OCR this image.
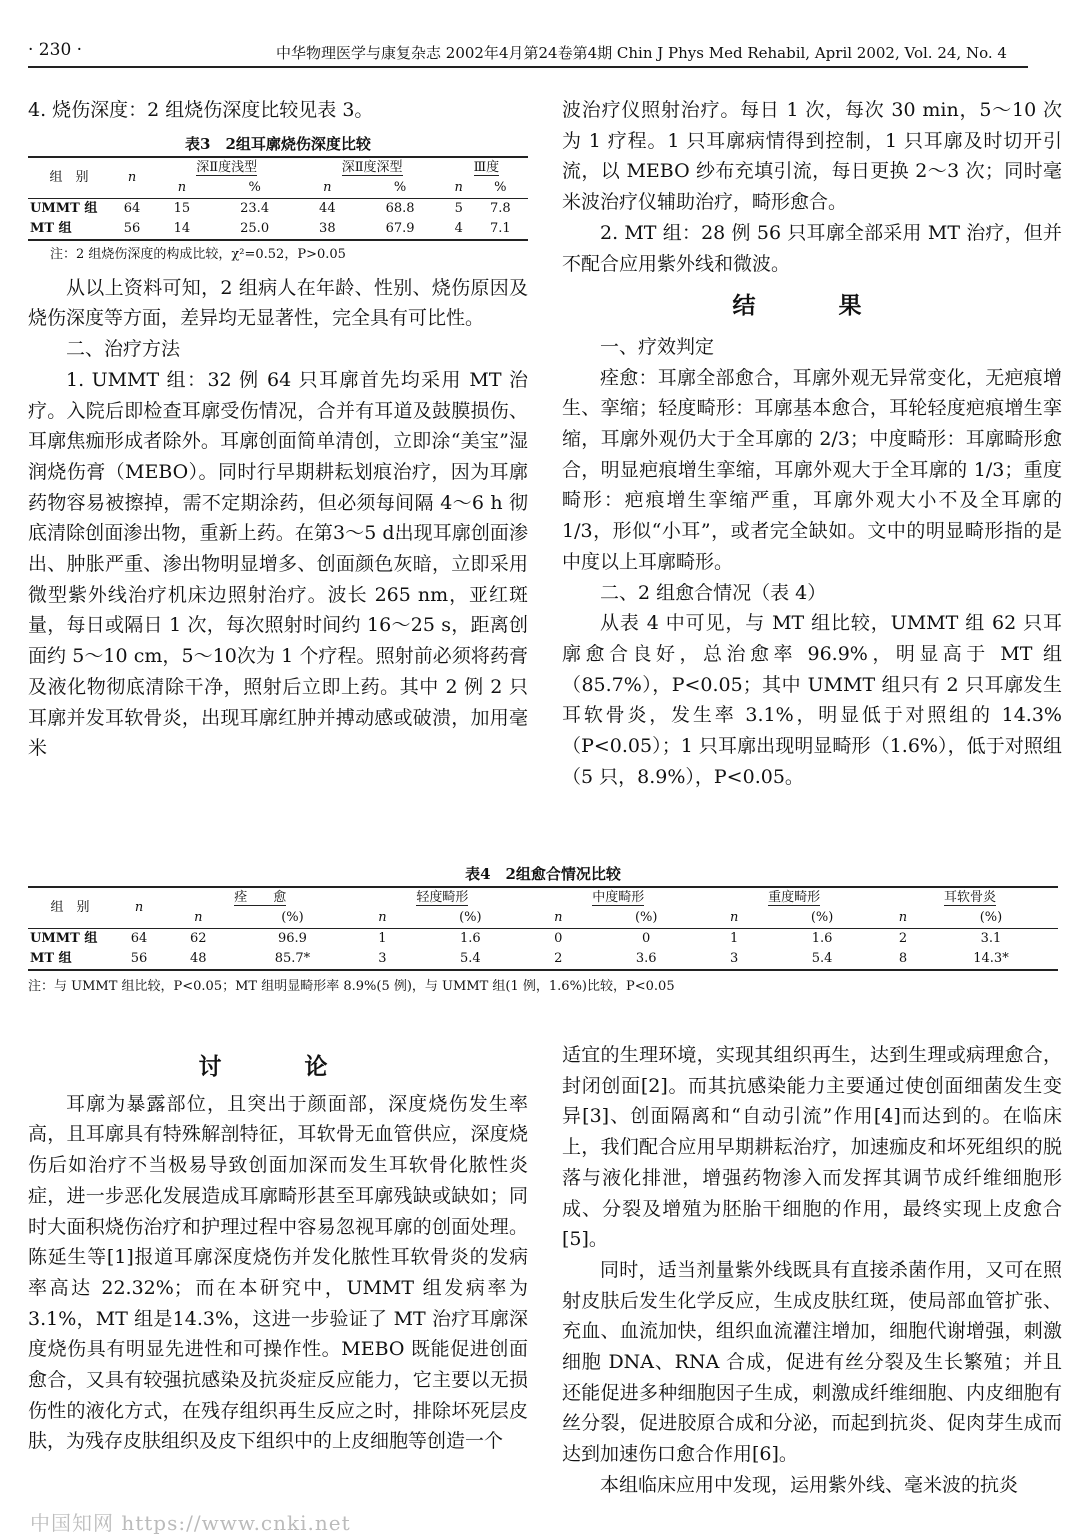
· 230 ·	中华物理医学与康复杂志 2002年4月第24卷第4期 Chin J Phys Med Rehabil, April 2002, Vol. 24, No. 4

4. 烧伤深度：2 组烧伤深度比较见表 3。

表3　2组耳廓烧伤深度比较
组　别	n	深Ⅱ度浅型		深Ⅱ度深型		Ⅲ度	
		n	%	n	%	n	%
UMMT 组	64	15	23.4	44	68.8	5	7.8
MT 组	56	14	25.0	38	67.9	4	7.1
注：2 组烧伤深度的构成比较，χ²=0.52，P>0.05

从以上资料可知，2 组病人在年龄、性别、烧伤原因及烧伤深度等方面，差异均无显著性，完全具有可比性。

二、治疗方法

1. UMMT 组：32 例 64 只耳廓首先均采用 MT 治疗。入院后即检查耳廓受伤情况，合并有耳道及鼓膜损伤、耳廓焦痂形成者除外。耳廓创面简单清创，立即涂“美宝”湿润烧伤膏（MEBO）。同时行早期耕耘划痕治疗，因为耳廓药物容易被擦掉，需不定期涂药，但必须每间隔 4～6 h 彻底清除创面渗出物，重新上药。在第3～5 d出现耳廓创面渗出、肿胀严重、渗出物明显增多、创面颜色灰暗，立即采用微型紫外线治疗机床边照射治疗。波长 265 nm，亚红斑量，每日或隔日 1 次，每次照射时间约 16～25 s，距离创面约 5～10 cm，5～10次为 1 个疗程。照射前必须将药膏及液化物彻底清除干净，照射后立即上药。其中 2 例 2 只耳廓并发耳软骨炎，出现耳廓红肿并搏动感或破溃，加用毫米

波治疗仪照射治疗。每日 1 次，每次 30 min，5～10 次为 1 疗程。1 只耳廓病情得到控制，1 只耳廓及时切开引流，以 MEBO 纱布充填引流，每日更换 2～3 次；同时毫米波治疗仪辅助治疗，畸形愈合。

2. MT 组：28 例 56 只耳廓全部采用 MT 治疗，但并不配合应用紫外线和微波。

结　果

一、疗效判定

痊愈：耳廓全部愈合，耳廓外观无异常变化，无疤痕增生、挛缩；轻度畸形：耳廓基本愈合，耳轮轻度疤痕增生挛缩，耳廓外观仍大于全耳廓的 2/3；中度畸形：耳廓畸形愈合，明显疤痕增生挛缩，耳廓外观大于全耳廓的 1/3；重度畸形：疤痕增生挛缩严重，耳廓外观大小不及全耳廓的 1/3，形似“小耳”，或者完全缺如。文中的明显畸形指的是中度以上耳廓畸形。

二、2 组愈合情况（表 4）

从表 4 中可见，与 MT 组比较，UMMT 组 62 只耳廓愈合良好，总治愈率 96.9%，明显高于 MT 组（85.7%），P<0.05；其中 UMMT 组只有 2 只耳廓发生耳软骨炎，发生率 3.1%，明显低于对照组的 14.3%（P<0.05）；1 只耳廓出现明显畸形（1.6%），低于对照组（5 只，8.9%），P<0.05。

表4　2组愈合情况比较
组　别	n	痊　　愈		轻度畸形		中度畸形		重度畸形		耳软骨炎	
		n	(%)	n	(%)	n	(%)	n	(%)	n	(%)
UMMT 组	64	62	96.9	1	1.6	0	0	1	1.6	2	3.1
MT 组	56	48	85.7*	3	5.4	2	3.6	3	5.4	8	14.3*
注：与 UMMT 组比较，P<0.05；MT 组明显畸形率 8.9%(5 例)，与 UMMT 组(1 例，1.6%)比较，P<0.05
讨　论

耳廓为暴露部位，且突出于颜面部，深度烧伤发生率高，且耳廓具有特殊解剖特征，耳软骨无血管供应，深度烧伤后如治疗不当极易导致创面加深而发生耳软骨化脓性炎症，进一步恶化发展造成耳廓畸形甚至耳廓残缺或缺如；同时大面积烧伤治疗和护理过程中容易忽视耳廓的创面处理。陈延生等[1]报道耳廓深度烧伤并发化脓性耳软骨炎的发病率高达 22.32%；而在本研究中，UMMT 组发病率为 3.1%，MT 组是14.3%，这进一步验证了 MT 治疗耳廓深度烧伤具有明显先进性和可操作性。MEBO 既能促进创面愈合，又具有较强抗感染及抗炎症反应能力，它主要以无损伤性的液化方式，在残存组织再生反应之时，排除坏死层皮肤，为残存皮肤组织及皮下组织中的上皮细胞等创造一个

适宜的生理环境，实现其组织再生，达到生理或病理愈合，封闭创面[2]。而其抗感染能力主要通过使创面细菌发生变异[3]、创面隔离和“自动引流”作用[4]而达到的。在临床上，我们配合应用早期耕耘治疗，加速痂皮和坏死组织的脱落与液化排泄，增强药物渗入而发挥其调节成纤维细胞形成、分裂及增殖为胚胎干细胞的作用，最终实现上皮愈合[5]。

同时，适当剂量紫外线既具有直接杀菌作用，又可在照射皮肤后发生化学反应，生成皮肤红斑，使局部血管扩张、充血、血流加快，组织血流灌注增加，细胞代谢增强，刺激细胞 DNA、RNA 合成，促进有丝分裂及生长繁殖；并且还能促进多种细胞因子生成，刺激成纤维细胞、内皮细胞有丝分裂，促进胶原合成和分泌，而起到抗炎、促肉芽生成而达到加速伤口愈合作用[6]。

本组临床应用中发现，运用紫外线、毫米波的抗炎

中国知网 https://www.cnki.net
